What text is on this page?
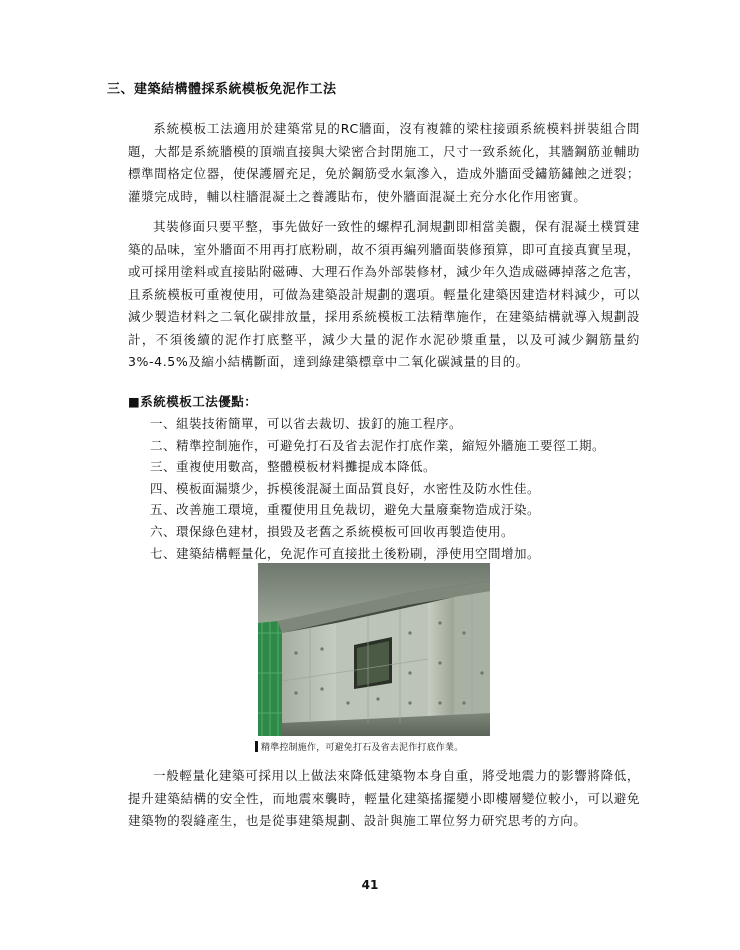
三、建築結構體採系統模板免泥作工法
系統模板工法適用於建築常見的RC牆面，沒有複雜的梁柱接頭系統模料拼裝組合問題，大都是系統牆模的頂端直接與大梁密合封閉施工，尺寸一致系統化，其牆鋼筋並輔助標準間格定位器，使保護層充足，免於鋼筋受水氣滲入，造成外牆面受鏽筋鏽蝕之迸裂；灌漿完成時，輔以柱牆混凝土之養護貼布，使外牆面混凝土充分水化作用密實。
其裝修面只要平整，事先做好一致性的螺桿孔洞規劃即相當美觀，保有混凝土樸質建築的品味，室外牆面不用再打底粉刷，故不須再編列牆面裝修預算，即可直接真實呈現，或可採用塗料或直接貼附磁磚、大理石作為外部裝修材，減少年久造成磁磚掉落之危害，且系統模板可重複使用，可做為建築設計規劃的選項。輕量化建築因建造材料減少，可以減少製造材料之二氧化碳排放量，採用系統模板工法精準施作，在建築結構就導入規劃設計，不須後續的泥作打底整平，減少大量的泥作水泥砂漿重量，以及可減少鋼筋量約3%-4.5%及縮小結構斷面，達到綠建築標章中二氧化碳減量的目的。
■系統模板工法優點：
一、組裝技術簡單，可以省去裁切、拔釘的施工程序。
二、精準控制施作，可避免打石及省去泥作打底作業，縮短外牆施工要徑工期。
三、重複使用數高，整體模板材料攤提成本降低。
四、模板面漏漿少，拆模後混凝土面品質良好，水密性及防水性佳。
五、改善施工環境，重覆使用且免裁切，避免大量廢棄物造成汙染。
六、環保綠色建材，損毀及老舊之系統模板可回收再製造使用。
七、建築結構輕量化，免泥作可直接批土後粉刷，淨使用空間增加。
精準控制施作，可避免打石及省去泥作打底作業。
一般輕量化建築可採用以上做法來降低建築物本身自重，將受地震力的影響將降低，提升建築結構的安全性，而地震來襲時，輕量化建築搖擺變小即樓層變位較小，可以避免建築物的裂縫產生，也是從事建築規劃、設計與施工單位努力研究思考的方向。
41
